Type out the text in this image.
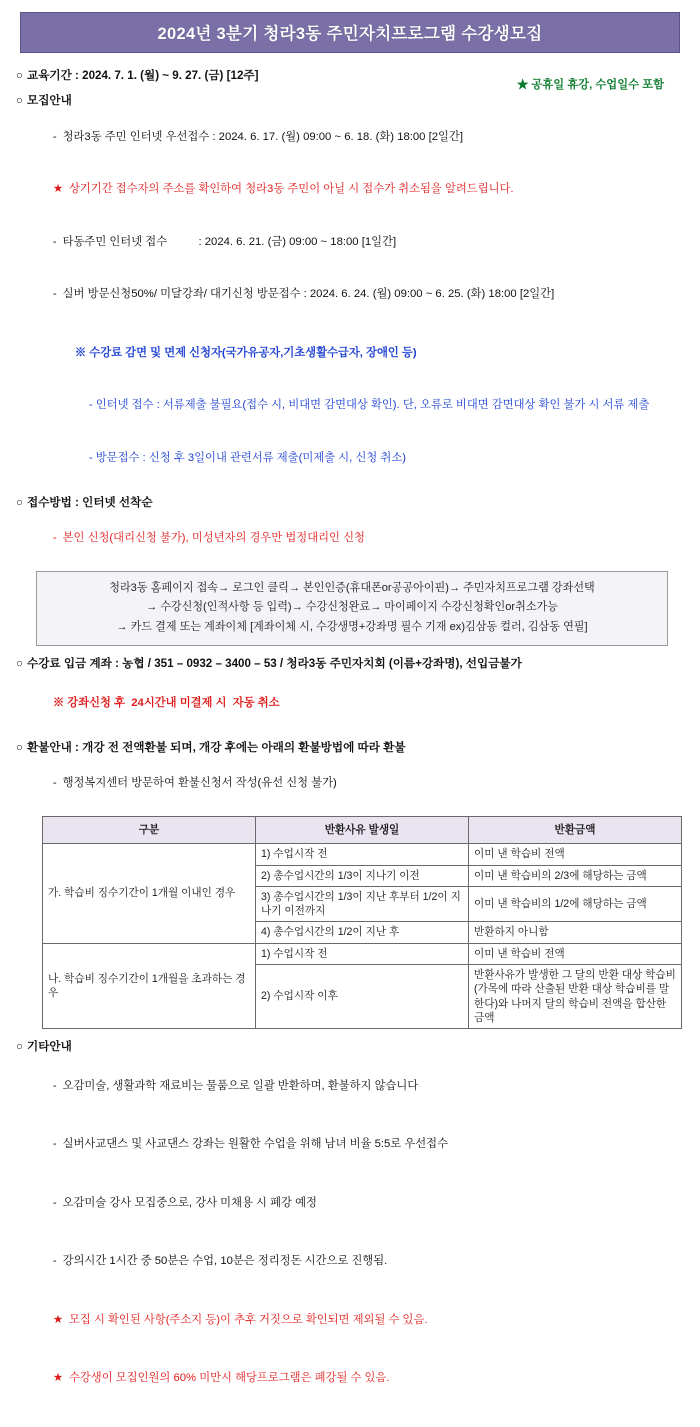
2024년 3분기 청라3동 주민자치프로그램 수강생모집
○ 교육기간 : 2024. 7. 1. (월) ~ 9. 27. (금) [12주]
★ 공휴일 휴강, 수업일수 포함
○ 모집안내

- 청라3동 주민 인터넷 우선접수 : 2024. 6. 17. (월) 09:00 ~ 6. 18. (화) 18:00 [2일간]

★ 상기기간 접수자의 주소를 확인하여 청라3동 주민이 아닐 시 접수가 취소됨을 알려드립니다.

- 타동주민 인터넷 접수          : 2024. 6. 21. (금) 09:00 ~ 18:00 [1일간]

- 실버 방문신청50%/ 미달강좌/ 대기신청 방문접수 : 2024. 6. 24. (월) 09:00 ~ 6. 25. (화) 18:00 [2일간]

※ 수강료 감면 및 면제 신청자(국가유공자,기초생활수급자, 장애인 등)

- 인터넷 접수 : 서류제출 불필요(접수 시, 비대면 감면대상 확인). 단, 오류로 비대면 감면대상 확인 불가 시 서류 제출

- 방문접수 : 신청 후 3일이내 관련서류 제출(미제출 시, 신청 취소)

○ 접수방법 : 인터넷 선착순

- 본인 신청(대리신청 불가), 미성년자의 경우만 법정대리인 신청

청라3동 홈페이지 접속→ 로그인 클릭→ 본인인증(휴대폰or공공아이핀)→ 주민자치프로그램 강좌선택
→ 수강신청(인적사항 등 입력)→ 수강신청완료→ 마이페이지 수강신청확인or취소가능
→ 카드 결제 또는 계좌이체 [계좌이체 시, 수강생명+강좌명 필수 기재 ex)김삼동 컬러, 김삼동 연필]
○ 수강료 입금 계좌 : 농협 / 351 – 0932 – 3400 – 53 / 청라3동 주민자치회 (이름+강좌명), 선입금불가

※ 강좌신청 후  24시간내 미결제 시  자동 취소

○ 환불안내 : 개강 전 전액환불 되며, 개강 후에는 아래의 환불방법에 따라 환불

- 행정복지센터 방문하여 환불신청서 작성(유선 신청 불가)

구분	반환사유 발생일	반환금액
가. 학습비 징수기간이 1개월 이내인 경우	1) 수업시작 전	이미 낸 학습비 전액
	2) 총수업시간의 1/3이 지나기 이전	이미 낸 학습비의 2/3에 해당하는 금액
	3) 총수업시간의 1/3이 지난 후부터 1/2이 지나기 이전까지	이미 낸 학습비의 1/2에 해당하는 금액
	4) 총수업시간의 1/2이 지난 후	반환하지 아니함
나. 학습비 징수기간이 1개월을 초과하는 경우	1) 수업시작 전	이미 낸 학습비 전액
	2) 수업시작 이후	반환사유가 발생한 그 달의 반환 대상 학습비(가목에 따라 산출된 반환 대상 학습비를 말한다)와 나머지 달의 학습비 전액을 합산한 금액
○ 기타안내

- 오감미술, 생활과학 재료비는 물품으로 일괄 반환하며, 환불하지 않습니다

- 실버사교댄스 및 사교댄스 강좌는 원활한 수업을 위해 남녀 비율 5:5로 우선접수

- 오감미술 강사 모집중으로, 강사 미채용 시 폐강 예정

- 강의시간 1시간 중 50분은 수업, 10분은 정리정돈 시간으로 진행됨.

★ 모집 시 확인된 사항(주소지 등)이 추후 거짓으로 확인되면 제외될 수 있음.

★ 수강생이 모집인원의 60% 미만시 해당프로그램은 폐강될 수 있음.
